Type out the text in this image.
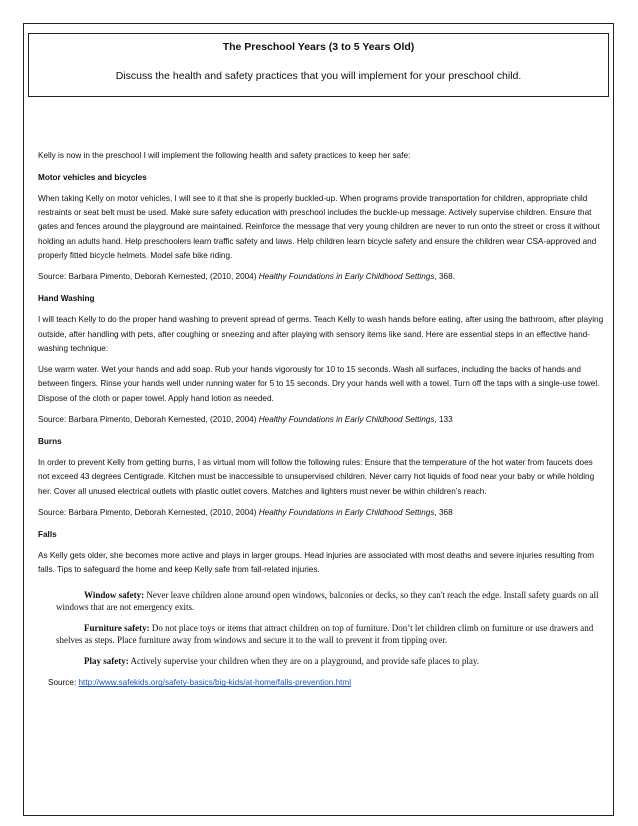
The Preschool Years (3 to 5 Years Old)
Discuss the health and safety practices that you will implement for your preschool child.

Kelly is now in the preschool I will implement the following health and safety practices to keep her safe:

Motor vehicles and bicycles

When taking Kelly on motor vehicles, I will see to it that she is properly buckled-up. When programs provide transportation for children, appropriate child restraints or seat belt must be used. Make sure safety education with preschool includes the buckle-up message. Actively supervise children. Ensure that gates and fences around the playground are maintained. Reinforce the message that very young children are never to run onto the street or cross it without holding an adults hand. Help preschoolers learn traffic safety and laws. Help children learn bicycle safety and ensure the children wear CSA-approved and properly fitted bicycle helmets. Model safe bike riding.

Source: Barbara Pimento, Deborah Kernested, (2010, 2004) Healthy Foundations in Early Childhood Settings, 368.

Hand Washing

I will teach Kelly to do the proper hand washing to prevent spread of germs. Teach Kelly to wash hands before eating, after using the bathroom, after playing outside, after handling with pets, after coughing or sneezing and after playing with sensory items like sand. Here are essential steps in an effective hand-washing technique:

Use warm water. Wet your hands and add soap. Rub your hands vigorously for 10 to 15 seconds. Wash all surfaces, including the backs of hands and between fingers. Rinse your hands well under running water for 5 to 15 seconds. Dry your hands well with a towel. Turn off the taps with a single-use towel. Dispose of the cloth or paper towel. Apply hand lotion as needed.

Source: Barbara Pimento, Deborah Kernested, (2010, 2004) Healthy Foundations in Early Childhood Settings, 133

Burns

In order to prevent Kelly from getting burns, I as virtual mom will follow the following rules: Ensure that the temperature of the hot water from faucets does not exceed 43 degrees Centigrade. Kitchen must be inaccessible to unsupervised children. Never carry hot liquids of food near your baby or while holding her. Cover all unused electrical outlets with plastic outlet covers. Matches and lighters must never be within children’s reach.

Source: Barbara Pimento, Deborah Kernested, (2010, 2004) Healthy Foundations in Early Childhood Settings, 368

Falls

As Kelly gets older, she becomes more active and plays in larger groups. Head injuries are associated with most deaths and severe injuries resulting from falls. Tips to safeguard the home and keep Kelly safe from fall-related injuries.

Window safety: Never leave children alone around open windows, balconies or decks, so they can't reach the edge. Install safety guards on all windows that are not emergency exits.

Furniture safety: Do not place toys or items that attract children on top of furniture. Don’t let children climb on furniture or use drawers and shelves as steps. Place furniture away from windows and secure it to the wall to prevent it from tipping over.

Play safety: Actively supervise your children when they are on a playground, and provide safe places to play.

Source: http://www.safekids.org/safety-basics/big-kids/at-home/falls-prevention.html
